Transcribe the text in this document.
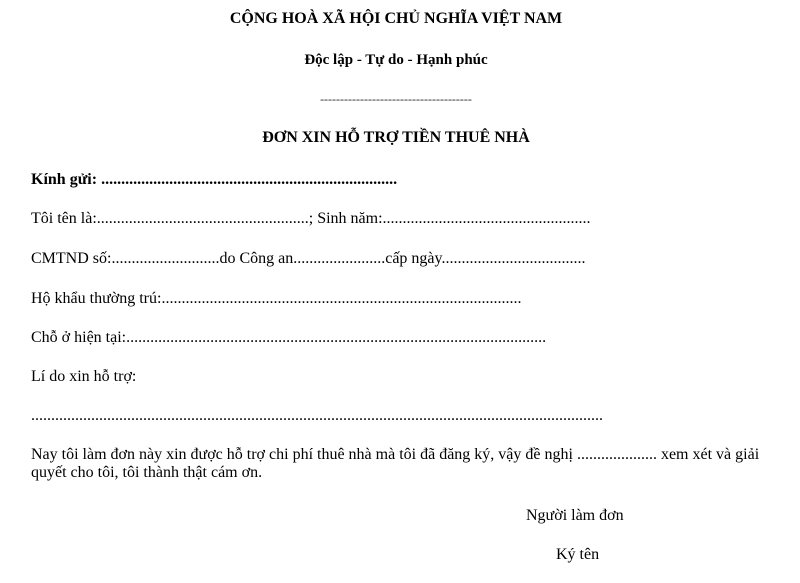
CỘNG HOÀ XÃ HỘI CHỦ NGHĨA VIỆT NAM
Độc lập - Tự do - Hạnh phúc
--------------------------------------
ĐƠN XIN HỖ TRỢ TIỀN THUÊ NHÀ
Kính gửi: ..........................................................................
Tôi tên là:.....................................................; Sinh năm:....................................................
CMTND số:...........................do Công an.......................cấp ngày....................................
Hộ khẩu thường trú:..........................................................................................
Chỗ ở hiện tại:.........................................................................................................
Lí do xin hỗ trợ:
...............................................................................................................................................
Nay tôi làm đơn này xin được hỗ trợ chi phí thuê nhà mà tôi đã đăng ký, vậy đề nghị .................... xem xét và giải quyết cho tôi, tôi thành thật cám ơn.
Người làm đơn
Ký tên
